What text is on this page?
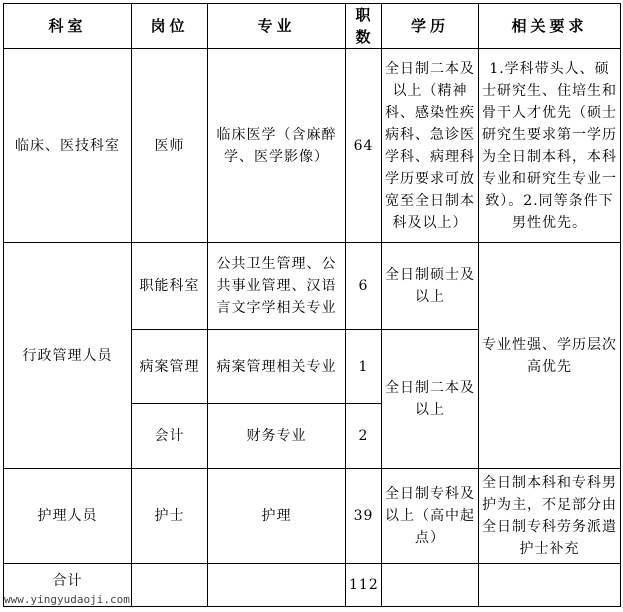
科室	岗位	专业	职数	学历	相关要求
临床、医技科室	医师	临床医学（含麻醉学、医学影像）	64	全日制二本及以上（精神科、感染性疾病科、急诊医学科、病理科学历要求可放宽至全日制本科及以上）	1.学科带头人、硕士研究生、住培生和骨干人才优先（硕士研究生要求第一学历为全日制本科，本科专业和研究生专业一致）。2.同等条件下男性优先。
行政管理人员	职能科室	公共卫生管理、公共事业管理、汉语言文字学相关专业	6	全日制硕士及以上	专业性强、学历层次高优先
	病案管理	病案管理相关专业	1	全日制二本及以上	
	会计	财务专业	2		
护理人员	护士	护理	39	全日制专科及以上（高中起点）	全日制本科和专科男护为主，不足部分由全日制专科劳务派遣护士补充

合计			112		
www.yingyudaoji.com
